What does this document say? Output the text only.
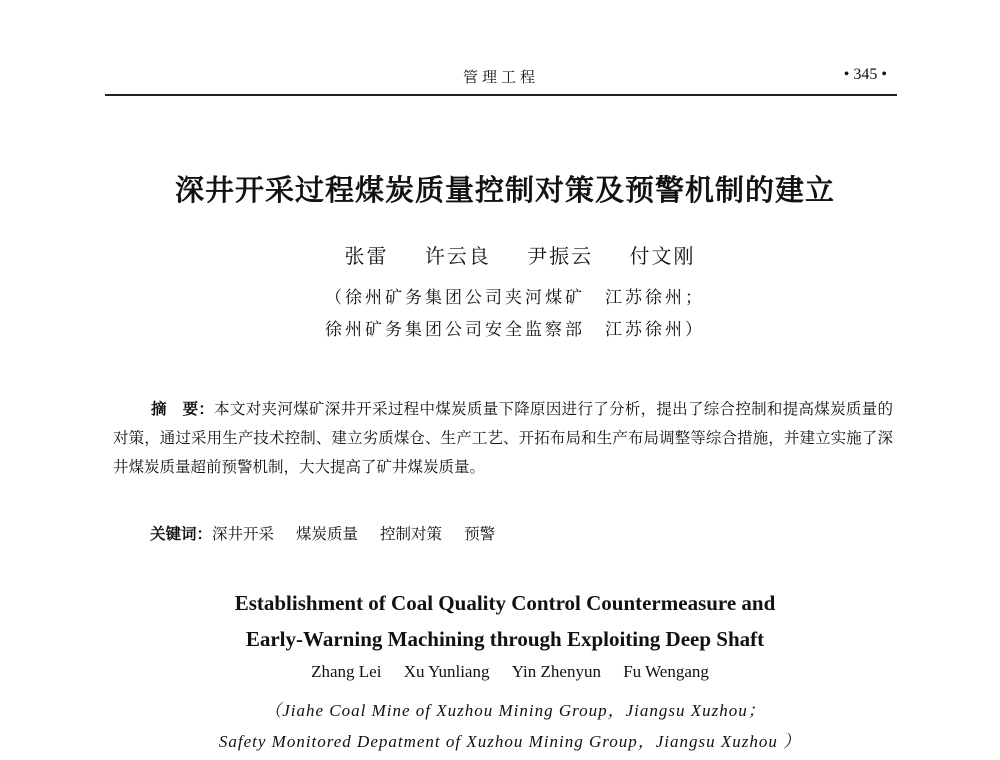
管理工程	• 345 •
深井开采过程煤炭质量控制对策及预警机制的建立
张雷 许云良 尹振云 付文刚
（徐州矿务集团公司夹河煤矿　江苏徐州；
徐州矿务集团公司安全监察部　江苏徐州）
摘　要：本文对夹河煤矿深井开采过程中煤炭质量下降原因进行了分析，提出了综合控制和提高煤炭质量的对策，通过采用生产技术控制、建立劣质煤仓、生产工艺、开拓布局和生产布局调整等综合措施，并建立实施了深井煤炭质量超前预警机制，大大提高了矿井煤炭质量。
关键词：深井开采 煤炭质量 控制对策 预警
Establishment of Coal Quality Control Countermeasure and
Early-Warning Machining through Exploiting Deep Shaft
Zhang Lei Xu Yunliang Yin Zhenyun Fu Wengang
（Jiahe Coal Mine of Xuzhou Mining Group，Jiangsu Xuzhou；
Safety Monitored Depatment of Xuzhou Mining Group，Jiangsu Xuzhou ）
